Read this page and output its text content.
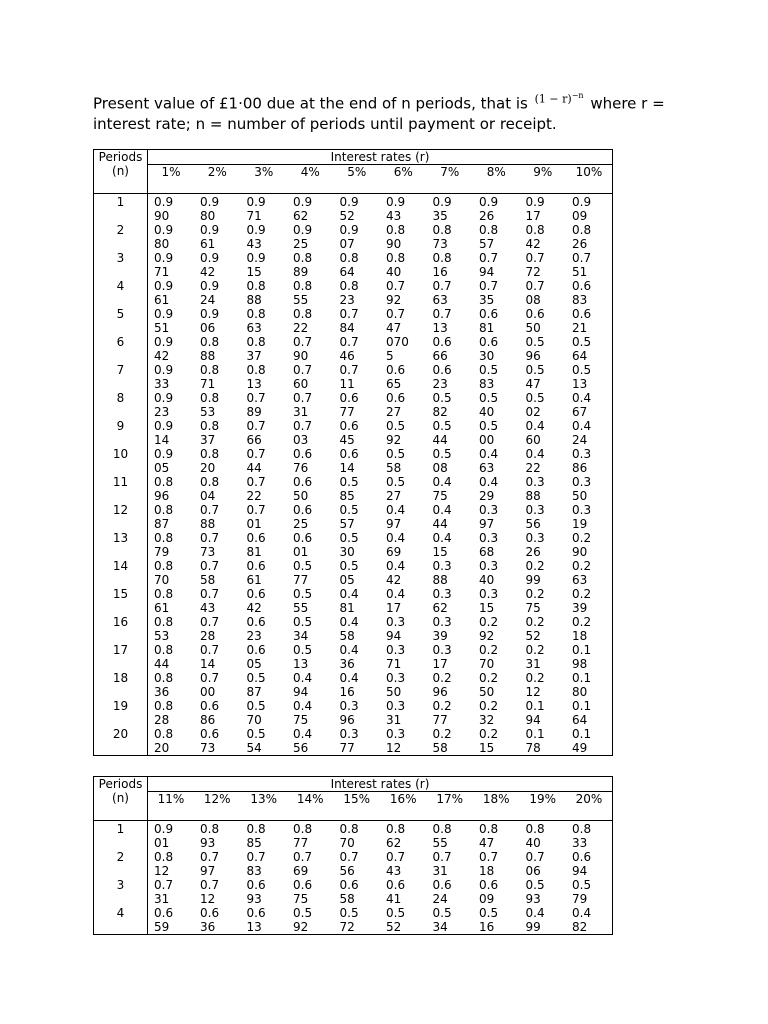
Present value of £1·00 due at the end of n periods, that is $(1 - r)^{-n}$ where r = interest rate; n = number of periods until payment or receipt.
Periods (n)	Interest rates (r)									
	1%	2%	3%	4%	5%	6%	7%	8%	9%	10%
1	0.990	0.980	0.971	0.962	0.952	0.943	0.935	0.926	0.917	0.909

2	0.980	0.961	0.943	0.925	0.907	0.890	0.873	0.857	0.842	0.826

3	0.971	0.942	0.915	0.889	0.864	0.840	0.816	0.794	0.772	0.751

4	0.961	0.924	0.888	0.855	0.823	0.792	0.763	0.735	0.708	0.683

5	0.951	0.906	0.863	0.822	0.784	0.747	0.713	0.681	0.650	0.621

6	0.942	0.888	0.837	0.790	0.746	0705	0.666	0.630	0.596	0.564

7	0.933	0.871	0.813	0.760	0.711	0.665	0.623	0.583	0.547	0.513

8	0.923	0.853	0.789	0.731	0.677	0.627	0.582	0.540	0.502	0.467

9	0.914	0.837	0.766	0.703	0.645	0.592	0.544	0.500	0.460	0.424

10	0.905	0.820	0.744	0.676	0.614	0.558	0.508	0.463	0.422	0.386

11	0.896	0.804	0.722	0.650	0.585	0.527	0.475	0.429	0.388	0.350

12	0.887	0.788	0.701	0.625	0.557	0.497	0.444	0.397	0.356	0.319

13	0.879	0.773	0.681	0.601	0.530	0.469	0.415	0.368	0.326	0.290

14	0.870	0.758	0.661	0.577	0.505	0.442	0.388	0.340	0.299	0.263

15	0.861	0.743	0.642	0.555	0.481	0.417	0.362	0.315	0.275	0.239

16	0.853	0.728	0.623	0.534	0.458	0.394	0.339	0.292	0.252	0.218

17	0.844	0.714	0.605	0.513	0.436	0.371	0.317	0.270	0.231	0.198

18	0.836	0.700	0.587	0.494	0.416	0.350	0.296	0.250	0.212	0.180

19	0.828	0.686	0.570	0.475	0.396	0.331	0.277	0.232	0.194	0.164

20	0.820	0.673	0.554	0.456	0.377	0.312	0.258	0.215	0.178	0.149
Periods (n)	Interest rates (r)									
	11%	12%	13%	14%	15%	16%	17%	18%	19%	20%
1	0.901	0.893	0.885	0.877	0.870	0.862	0.855	0.847	0.840	0.833

2	0.812	0.797	0.783	0.769	0.756	0.743	0.731	0.718	0.706	0.694

3	0.731	0.712	0.693	0.675	0.658	0.641	0.624	0.609	0.593	0.579

4	0.659	0.636	0.613	0.592	0.572	0.552	0.534	0.516	0.499	0.482
